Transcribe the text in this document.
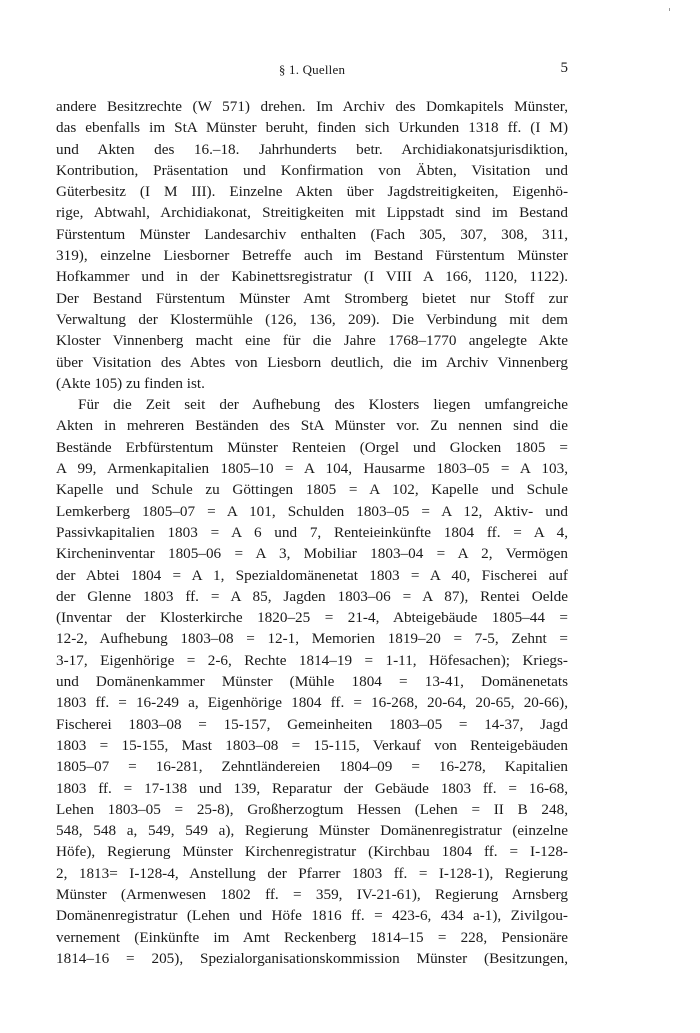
§ 1. Quellen	5
andere Besitzrechte (W 571) drehen. Im Archiv des Domkapitels Münster,
das ebenfalls im StA Münster beruht, finden sich Urkunden 1318 ff. (I M)
und Akten des 16.–18. Jahrhunderts betr. Archidiakonatsjurisdiktion,
Kontribution, Präsentation und Konfirmation von Äbten, Visitation und
Güterbesitz (I M III). Einzelne Akten über Jagdstreitigkeiten, Eigenhö-
rige, Abtwahl, Archidiakonat, Streitigkeiten mit Lippstadt sind im Bestand
Fürstentum Münster Landesarchiv enthalten (Fach 305, 307, 308, 311,
319), einzelne Liesborner Betreffe auch im Bestand Fürstentum Münster
Hofkammer und in der Kabinettsregistratur (I VIII A 166, 1120, 1122).
Der Bestand Fürstentum Münster Amt Stromberg bietet nur Stoff zur
Verwaltung der Klostermühle (126, 136, 209). Die Verbindung mit dem
Kloster Vinnenberg macht eine für die Jahre 1768–1770 angelegte Akte
über Visitation des Abtes von Liesborn deutlich, die im Archiv Vinnenberg
(Akte 105) zu finden ist.
Für die Zeit seit der Aufhebung des Klosters liegen umfangreiche
Akten in mehreren Beständen des StA Münster vor. Zu nennen sind die
Bestände Erbfürstentum Münster Renteien (Orgel und Glocken 1805 =
A 99, Armenkapitalien 1805–10 = A 104, Hausarme 1803–05 = A 103,
Kapelle und Schule zu Göttingen 1805 = A 102, Kapelle und Schule
Lemkerberg 1805–07 = A 101, Schulden 1803–05 = A 12, Aktiv- und
Passivkapitalien 1803 = A 6 und 7, Renteieinkünfte 1804 ff. = A 4,
Kircheninventar 1805–06 = A 3, Mobiliar 1803–04 = A 2, Vermögen
der Abtei 1804 = A 1, Spezialdomänenetat 1803 = A 40, Fischerei auf
der Glenne 1803 ff. = A 85, Jagden 1803–06 = A 87), Rentei Oelde
(Inventar der Klosterkirche 1820–25 = 21-4, Abteigebäude 1805–44 =
12-2, Aufhebung 1803–08 = 12-1, Memorien 1819–20 = 7-5, Zehnt =
3-17, Eigenhörige = 2-6, Rechte 1814–19 = 1-11, Höfesachen); Kriegs-
und Domänenkammer Münster (Mühle 1804 = 13-41, Domänenetats
1803 ff. = 16-249 a, Eigenhörige 1804 ff. = 16-268, 20-64, 20-65, 20-66),
Fischerei 1803–08 = 15-157, Gemeinheiten 1803–05 = 14-37, Jagd
1803 = 15-155, Mast 1803–08 = 15-115, Verkauf von Renteigebäuden
1805–07 = 16-281, Zehntländereien 1804–09 = 16-278, Kapitalien
1803 ff. = 17-138 und 139, Reparatur der Gebäude 1803 ff. = 16-68,
Lehen 1803–05 = 25-8), Großherzogtum Hessen (Lehen = II B 248,
548, 548 a, 549, 549 a), Regierung Münster Domänenregistratur (einzelne
Höfe), Regierung Münster Kirchenregistratur (Kirchbau 1804 ff. = I-128-
2, 1813= I-128-4, Anstellung der Pfarrer 1803 ff. = I-128-1), Regierung
Münster (Armenwesen 1802 ff. = 359, IV-21-61), Regierung Arnsberg
Domänenregistratur (Lehen und Höfe 1816 ff. = 423-6, 434 a-1), Zivilgou-
vernement (Einkünfte im Amt Reckenberg 1814–15 = 228, Pensionäre
1814–16 = 205), Spezialorganisationskommission Münster (Besitzungen,
